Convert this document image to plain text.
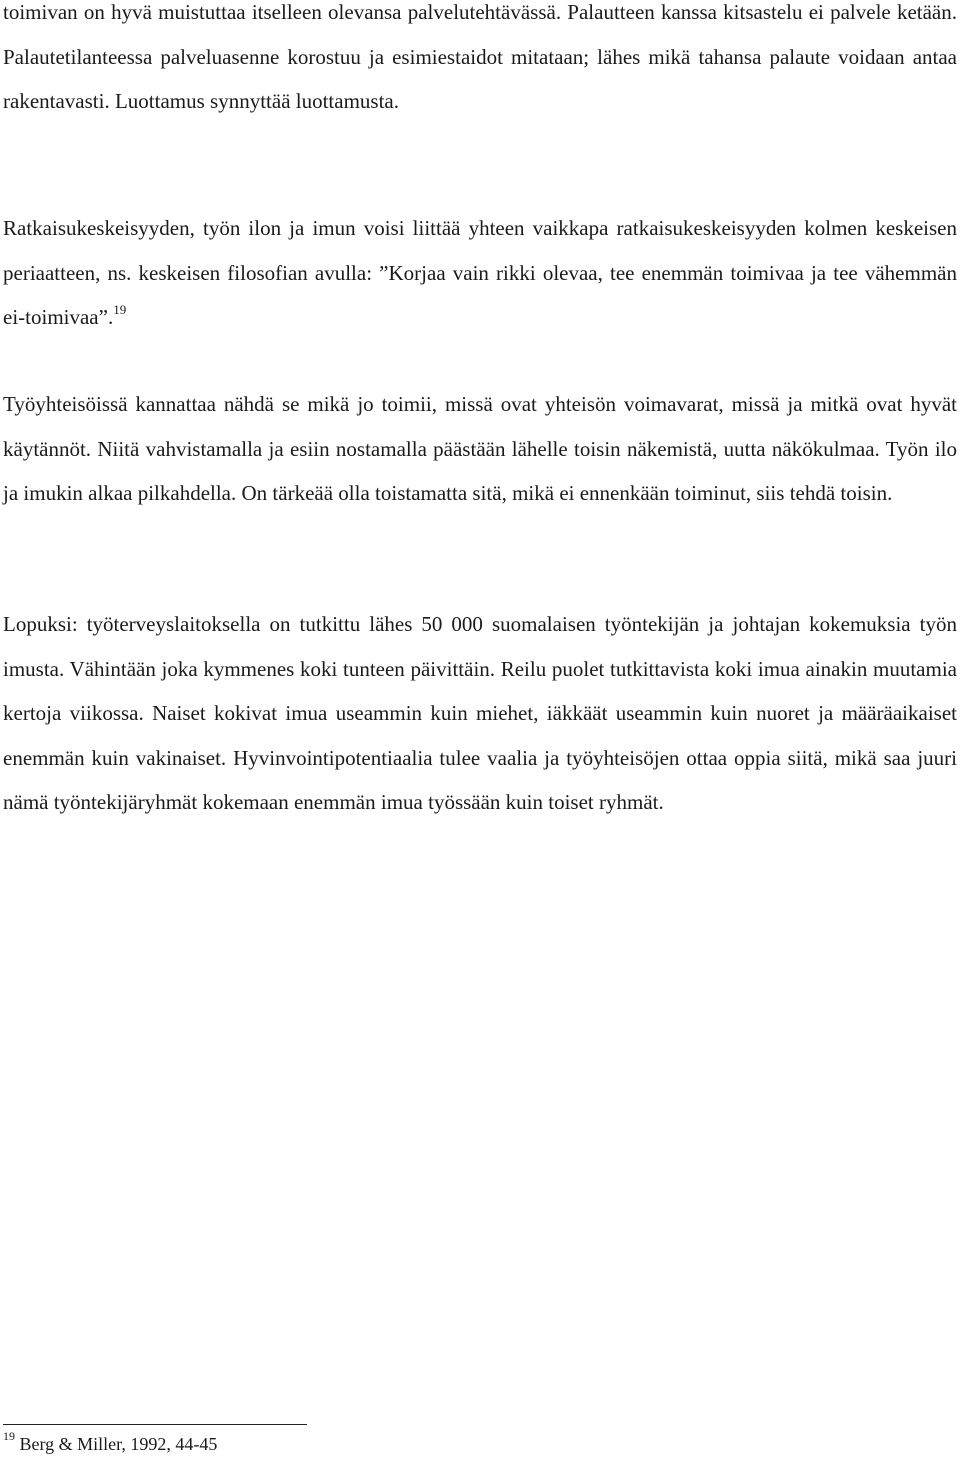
toimivan on hyvä muistuttaa itselleen olevansa palvelutehtävässä. Palautteen kanssa kitsastelu ei palvele ketään. Palautetilanteessa palveluasenne korostuu ja esimiestaidot mitataan; lähes mikä tahansa palaute voidaan antaa rakentavasti. Luottamus synnyttää luottamusta.

Ratkaisukeskeisyyden, työn ilon ja imun voisi liittää yhteen vaikkapa ratkaisukeskeisyyden kolmen keskeisen periaatteen, ns. keskeisen filosofian avulla: ”Korjaa vain rikki olevaa, tee enemmän toimivaa ja tee vähemmän ei-toimivaa”.$^{19}$

Työyhteisöissä kannattaa nähdä se mikä jo toimii, missä ovat yhteisön voimavarat, missä ja mitkä ovat hyvät käytännöt. Niitä vahvistamalla ja esiin nostamalla päästään lähelle toisin näkemistä, uutta näkökulmaa. Työn ilo ja imukin alkaa pilkahdella. On tärkeää olla toistamatta sitä, mikä ei ennenkään toiminut, siis tehdä toisin.

Lopuksi: työterveyslaitoksella on tutkittu lähes 50 000 suomalaisen työntekijän ja johtajan kokemuksia työn imusta. Vähintään joka kymmenes koki tunteen päivittäin. Reilu puolet tutkittavista koki imua ainakin muutamia kertoja viikossa. Naiset kokivat imua useammin kuin miehet, iäkkäät useammin kuin nuoret ja määräaikaiset enemmän kuin vakinaiset. Hyvinvointipotentiaalia tulee vaalia ja työyhteisöjen ottaa oppia siitä, mikä saa juuri nämä työntekijäryhmät kokemaan enemmän imua työssään kuin toiset ryhmät.

$^{19}$ Berg & Miller, 1992, 44-45
